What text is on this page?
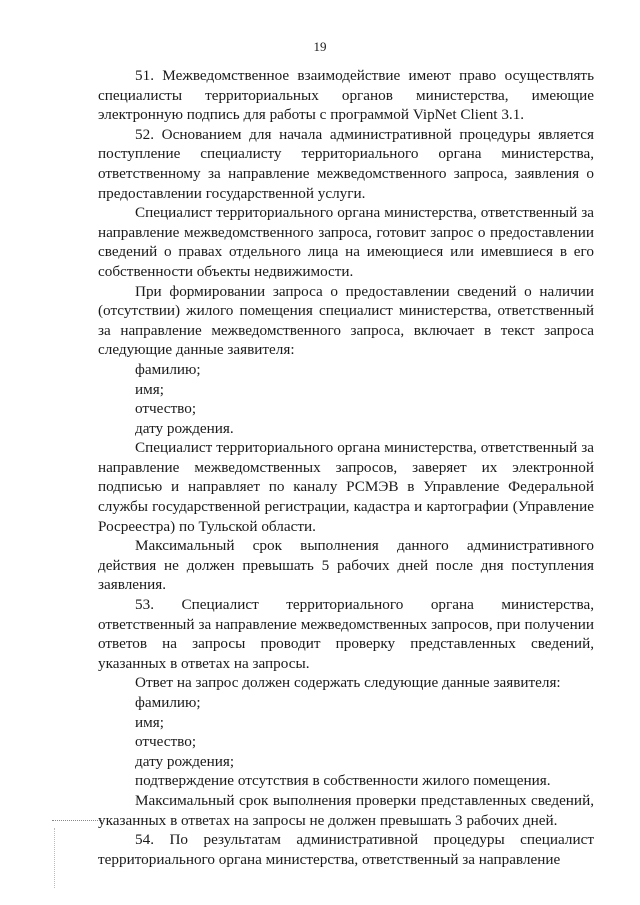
19

51. Межведомственное взаимодействие имеют право осуществлять специалисты территориальных органов министерства, имеющие электронную подпись для работы с программой VipNet Client 3.1.

52. Основанием для начала административной процедуры является поступление специалисту территориального органа министерства, ответственному за направление межведомственного запроса, заявления о предоставлении государственной услуги.

Специалист территориального органа министерства, ответственный за направление межведомственного запроса, готовит запрос о предоставлении сведений о правах отдельного лица на имеющиеся или имевшиеся в его собственности объекты недвижимости.

При формировании запроса о предоставлении сведений о наличии (отсутствии) жилого помещения специалист министерства, ответственный за направление межведомственного запроса, включает в текст запроса следующие данные заявителя:

фамилию;

имя;

отчество;

дату рождения.

Специалист территориального органа министерства, ответственный за направление межведомственных запросов, заверяет их электронной подписью и направляет по каналу РСМЭВ в Управление Федеральной службы государственной регистрации, кадастра и картографии (Управление Росреестра) по Тульской области.

Максимальный срок выполнения данного административного действия не должен превышать 5 рабочих дней после дня поступления заявления.

53. Специалист территориального органа министерства, ответственный за направление межведомственных запросов, при получении ответов на запросы проводит проверку представленных сведений, указанных в ответах на запросы.

Ответ на запрос должен содержать следующие данные заявителя:

фамилию;

имя;

отчество;

дату рождения;

подтверждение отсутствия в собственности жилого помещения.

Максимальный срок выполнения проверки представленных сведений, указанных в ответах на запросы не должен превышать 3 рабочих дней.

54. По результатам административной процедуры специалист территориального органа министерства, ответственный за направление
